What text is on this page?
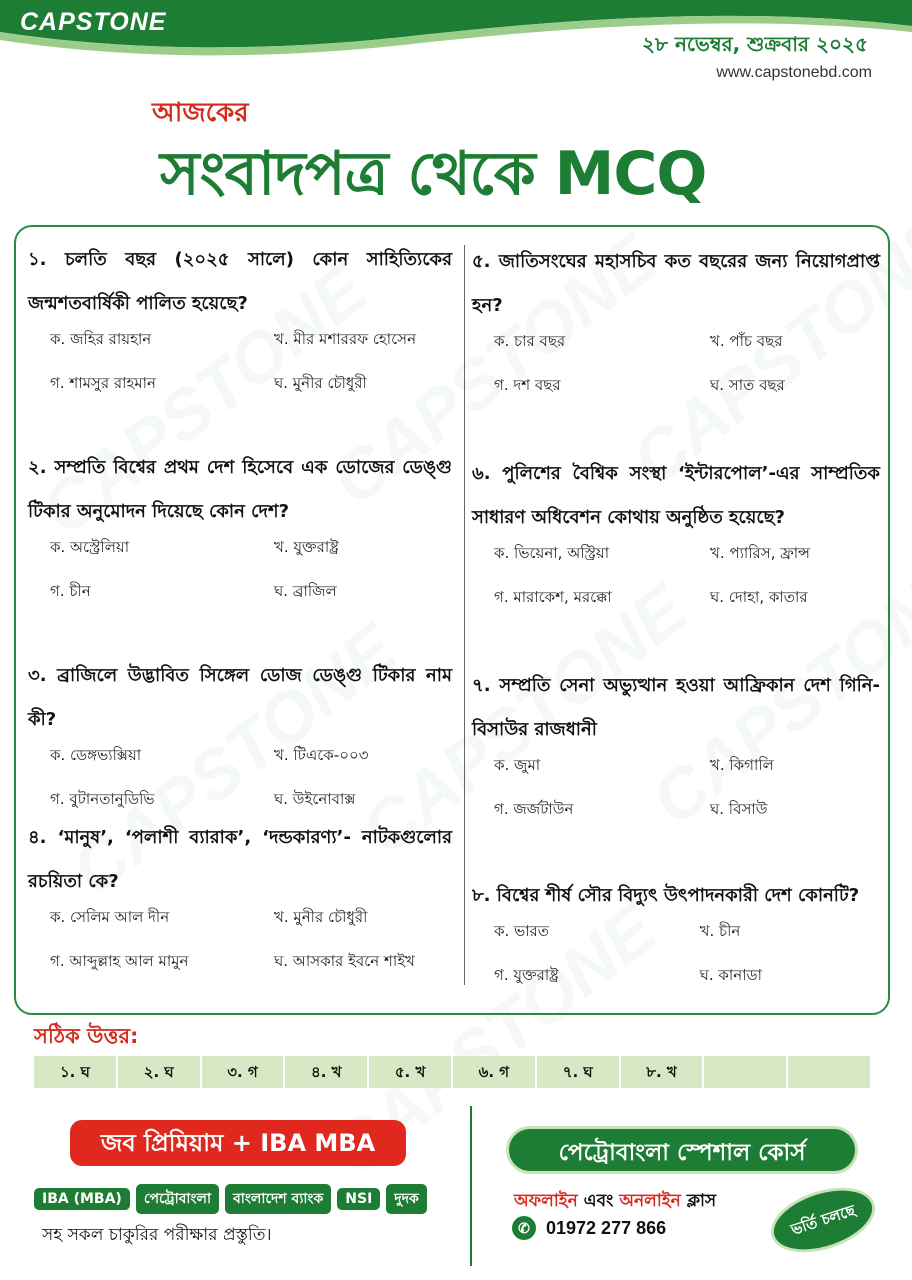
CAPSTONE
২৮ নভেম্বর, শুক্রবার ২০২৫
www.capstonebd.com
আজকের
সংবাদপত্র থেকে MCQ
১. চলতি বছর (২০২৫ সালে) কোন সাহিত্যিকের জন্মশতবার্ষিকী পালিত হয়েছে?
ক. জহির রায়হান	খ. মীর মশাররফ হোসেন
গ. শামসুর রাহমান	ঘ. মুনীর চৌধুরী
২. সম্প্রতি বিশ্বের প্রথম দেশ হিসেবে এক ডোজের ডেঙ্গু টিকার অনুমোদন দিয়েছে কোন দেশ?
ক. অস্ট্রেলিয়া	খ. যুক্তরাষ্ট্র
গ. চীন	ঘ. ব্রাজিল
৩. ব্রাজিলে উদ্ভাবিত সিঙ্গেল ডোজ ডেঙ্গু টিকার নাম কী?
ক. ডেঙ্গভ্যক্সিয়া	খ. টিএকে-০০৩
গ. বুটানতানুডিভি	ঘ. উইনোবাক্স
৪. ‘মানুষ’, ‘পলাশী ব্যারাক’, ‘দন্ডকারণ্য’- নাটকগুলোর রচয়িতা কে?
ক. সেলিম আল দীন	খ. মুনীর চৌধুরী
গ. আব্দুল্লাহ আল মামুন	ঘ. আসকার ইবনে শাইখ
৫. জাতিসংঘের মহাসচিব কত বছরের জন্য নিয়োগপ্রাপ্ত হন?
ক. চার বছর	খ. পাঁচ বছর
গ. দশ বছর	ঘ. সাত বছর
৬. পুলিশের বৈশ্বিক সংস্থা ‘ইন্টারপোল’-এর সাম্প্রতিক সাধারণ অধিবেশন কোথায় অনুষ্ঠিত হয়েছে?
ক. ভিয়েনা, অস্ট্রিয়া	খ. প্যারিস, ফ্রান্স
গ. মারাকেশ, মরক্কো	ঘ. দোহা, কাতার
৭. সম্প্রতি সেনা অভ্যুত্থান হওয়া আফ্রিকান দেশ গিনি-বিসাউর রাজধানী
ক. জুমা	খ. কিগালি
গ. জর্জটাউন	ঘ. বিসাউ
৮. বিশ্বের শীর্ষ সৌর বিদ্যুৎ উৎপাদনকারী দেশ কোনটি?
ক. ভারত	খ. চীন
গ. যুক্তরাষ্ট্র	ঘ. কানাডা
সঠিক উত্তর:
১. ঘ	২. ঘ	৩. গ	৪. খ	৫. খ	৬. গ	৭. ঘ	৮. খ
জব প্রিমিয়াম + IBA MBA
IBA (MBA)	পেট্রোবাংলা	বাংলাদেশ ব্যাংক	NSI	দুদক
সহ সকল চাকুরির পরীক্ষার প্রস্তুতি।
পেট্রোবাংলা স্পেশাল কোর্স
অফলাইন এবং অনলাইন ক্লাস
✆ 01972 277 866	ভর্তি চলছে
